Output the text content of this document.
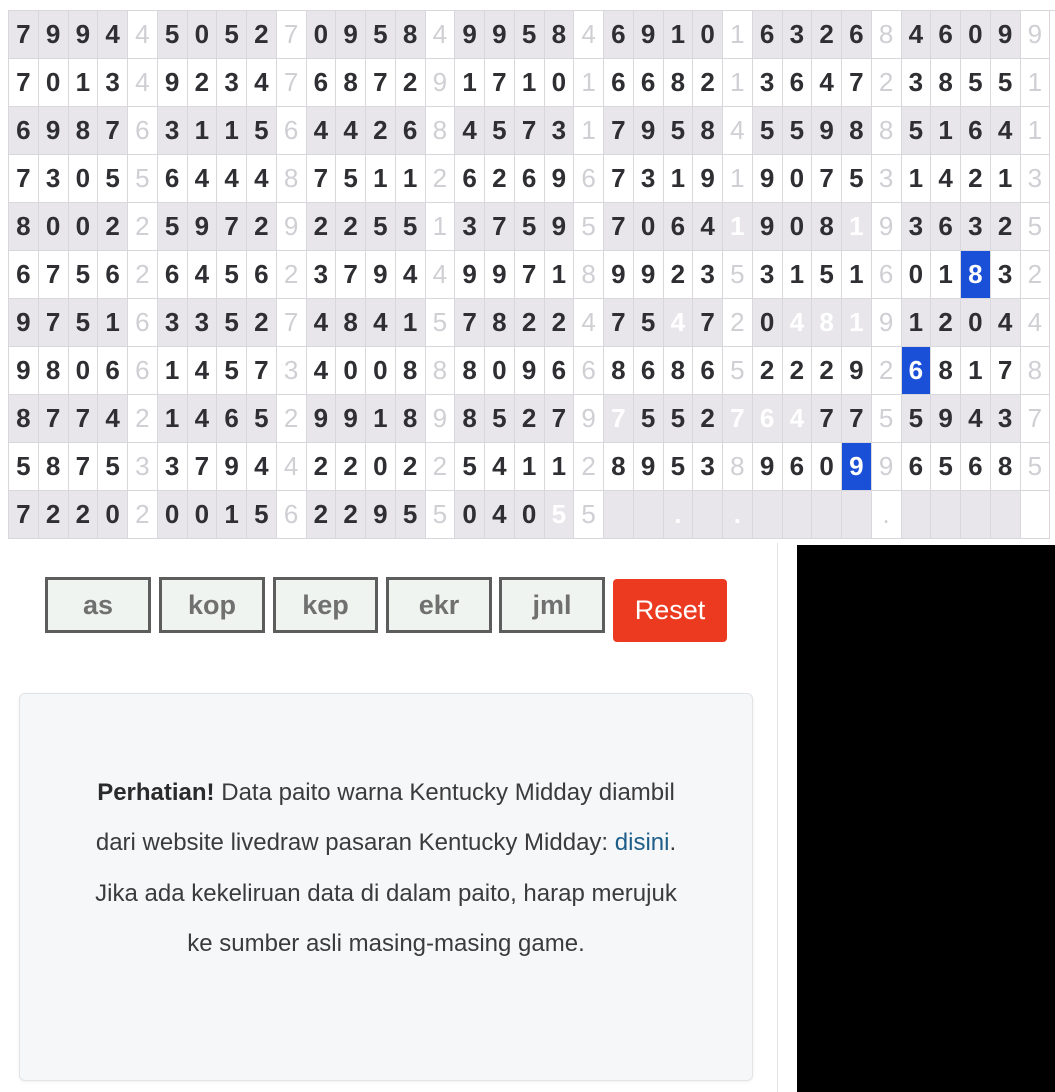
7	9	9	4	4	5	0	5	2	7	0	9	5	8	4	9	9	5	8	4	6	9	1	0	1	6	3	2	6	8	4	6	0	9	9
7	0	1	3	4	9	2	3	4	7	6	8	7	2	9	1	7	1	0	1	6	6	8	2	1	3	6	4	7	2	3	8	5	5	1
6	9	8	7	6	3	1	1	5	6	4	4	2	6	8	4	5	7	3	1	7	9	5	8	4	5	5	9	8	8	5	1	6	4	1
7	3	0	5	5	6	4	4	4	8	7	5	1	1	2	6	2	6	9	6	7	3	1	9	1	9	0	7	5	3	1	4	2	1	3
8	0	0	2	2	5	9	7	2	9	2	2	5	5	1	3	7	5	9	5	7	0	6	4	1	9	0	8	1	9	3	6	3	2	5
6	7	5	6	2	6	4	5	6	2	3	7	9	4	4	9	9	7	1	8	9	9	2	3	5	3	1	5	1	6	0	1	8	3	2
9	7	5	1	6	3	3	5	2	7	4	8	4	1	5	7	8	2	2	4	7	5	4	7	2	0	4	8	1	9	1	2	0	4	4
9	8	0	6	6	1	4	5	7	3	4	0	0	8	8	8	0	9	6	6	8	6	8	6	5	2	2	2	9	2	6	8	1	7	8
8	7	7	4	2	1	4	6	5	2	9	9	1	8	9	8	5	2	7	9	7	5	5	2	7	6	4	7	7	5	5	9	4	3	7
5	8	7	5	3	3	7	9	4	4	2	2	0	2	2	5	4	1	1	2	8	9	5	3	8	9	6	0	9	9	6	5	6	8	5
7	2	2	0	2	0	0	1	5	6	2	2	9	5	5	0	4	0	5	5			.		.					.					
as
kop
kep
ekr
jml
Reset

Perhatian! Data paito warna Kentucky Midday diambil dari website livedraw pasaran Kentucky Midday: disini. Jika ada kekeliruan data di dalam paito, harap merujuk ke sumber asli masing-masing game.
